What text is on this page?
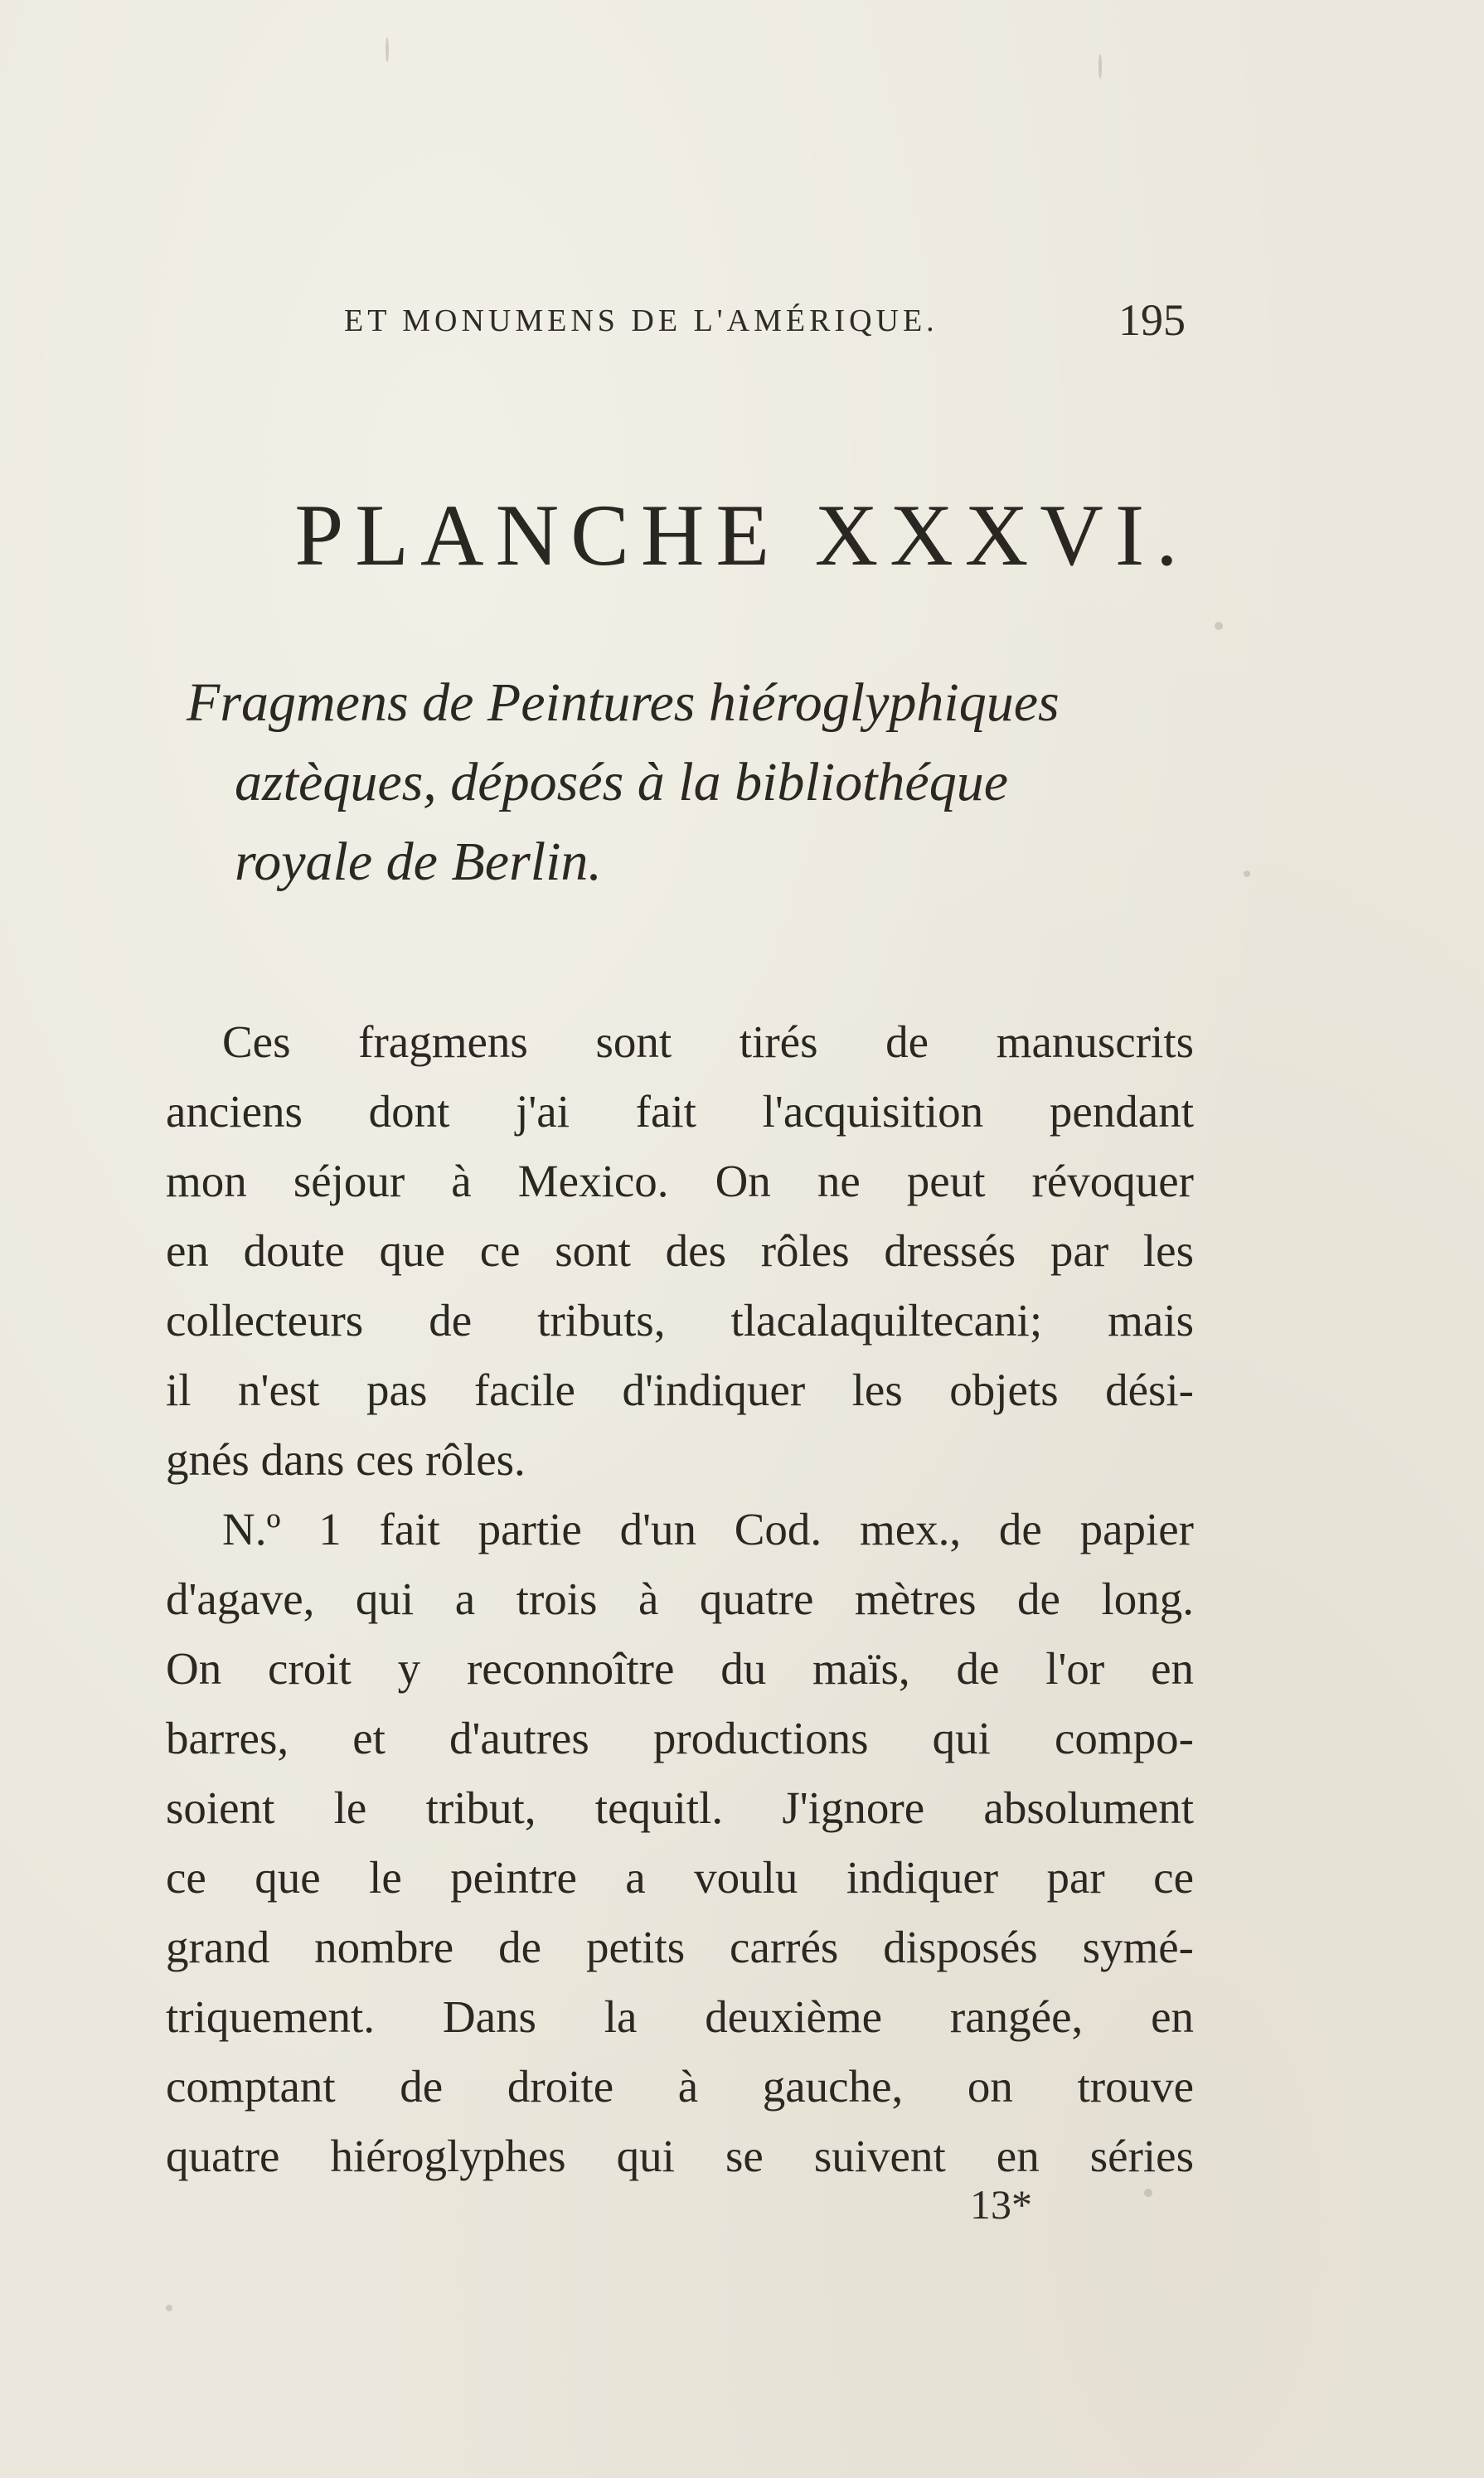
ET MONUMENS DE L'AMÉRIQUE.	195
PLANCHE XXXVI.
Fragmens de Peintures hiéroglyphiques
aztèques, déposés à la bibliothéque
royale de Berlin.
Ces fragmens sont tirés de manuscrits
anciens dont j'ai fait l'acquisition pendant
mon séjour à Mexico. On ne peut révoquer
en doute que ce sont des rôles dressés par les
collecteurs de tributs, tlacalaquiltecani; mais
il n'est pas facile d'indiquer les objets dési-
gnés dans ces rôles.
N.º 1 fait partie d'un Cod. mex., de papier
d'agave, qui a trois à quatre mètres de long.
On croit y reconnoître du maïs, de l'or en
barres, et d'autres productions qui compo-
soient le tribut, tequitl. J'ignore absolument
ce que le peintre a voulu indiquer par ce
grand nombre de petits carrés disposés symé-
triquement. Dans la deuxième rangée, en
comptant de droite à gauche, on trouve
quatre hiéroglyphes qui se suivent en séries
13*
